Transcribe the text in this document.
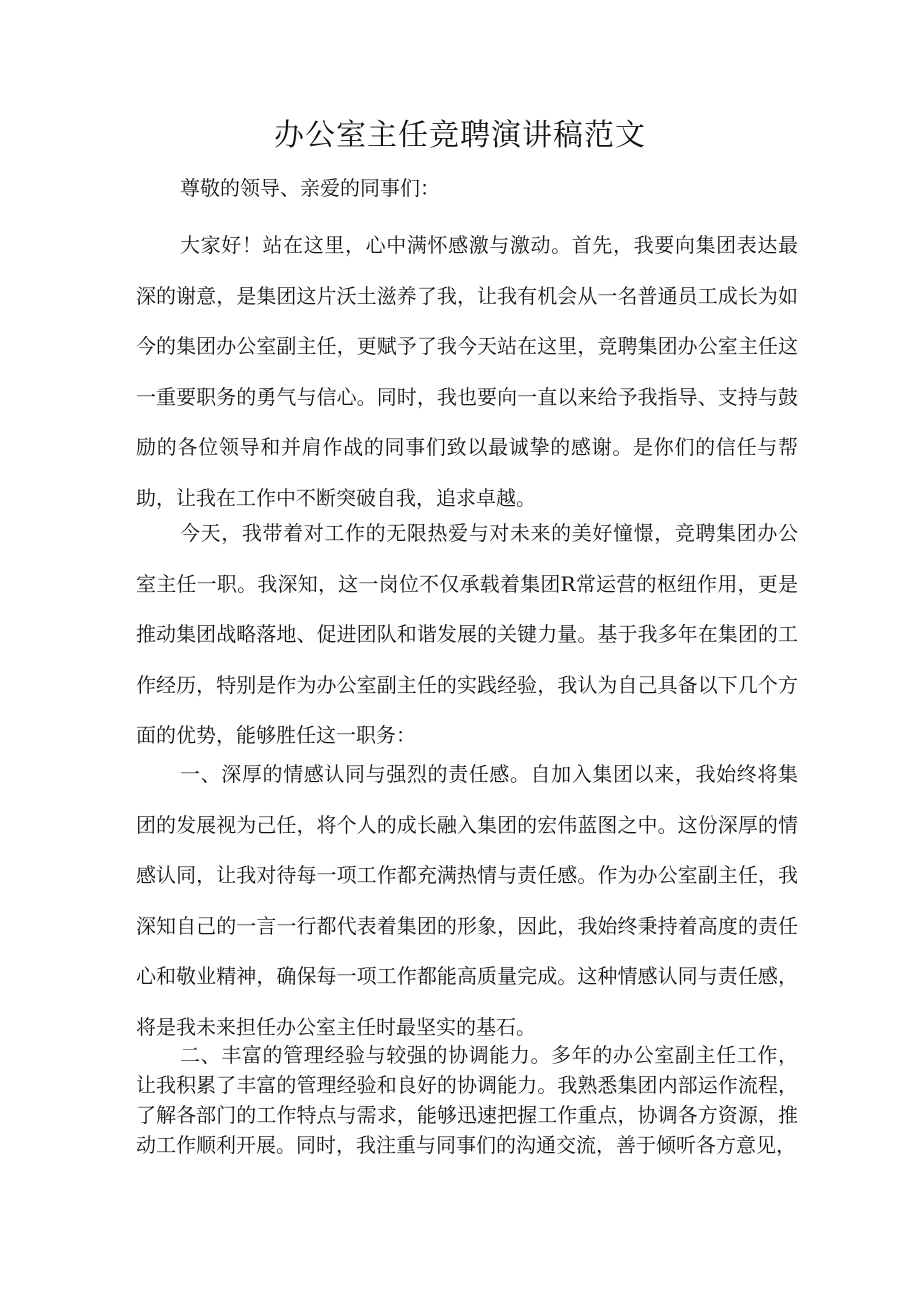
办公室主任竞聘演讲稿范文

尊敬的领导、亲爱的同事们：

大家好！站在这里，心中满怀感激与激动。首先，我要向集团表达最深的谢意，是集团这片沃土滋养了我，让我有机会从一名普通员工成长为如今的集团办公室副主任，更赋予了我今天站在这里，竞聘集团办公室主任这一重要职务的勇气与信心。同时，我也要向一直以来给予我指导、支持与鼓励的各位领导和并肩作战的同事们致以最诚挚的感谢。是你们的信任与帮助，让我在工作中不断突破自我，追求卓越。

今天，我带着对工作的无限热爱与对未来的美好憧憬，竞聘集团办公室主任一职。我深知，这一岗位不仅承载着集团R常运营的枢纽作用，更是推动集团战略落地、促进团队和谐发展的关键力量。基于我多年在集团的工作经历，特别是作为办公室副主任的实践经验，我认为自己具备以下几个方面的优势，能够胜任这一职务：

一、深厚的情感认同与强烈的责任感。自加入集团以来，我始终将集团的发展视为己任，将个人的成长融入集团的宏伟蓝图之中。这份深厚的情感认同，让我对待每一项工作都充满热情与责任感。作为办公室副主任，我深知自己的一言一行都代表着集团的形象，因此，我始终秉持着高度的责任心和敬业精神，确保每一项工作都能高质量完成。这种情感认同与责任感，将是我未来担任办公室主任时最坚实的基石。

二、丰富的管理经验与较强的协调能力。多年的办公室副主任工作，让我积累了丰富的管理经验和良好的协调能力。我熟悉集团内部运作流程，了解各部门的工作特点与需求，能够迅速把握工作重点，协调各方资源，推动工作顺利开展。同时，我注重与同事们的沟通交流，善于倾听各方意见，
